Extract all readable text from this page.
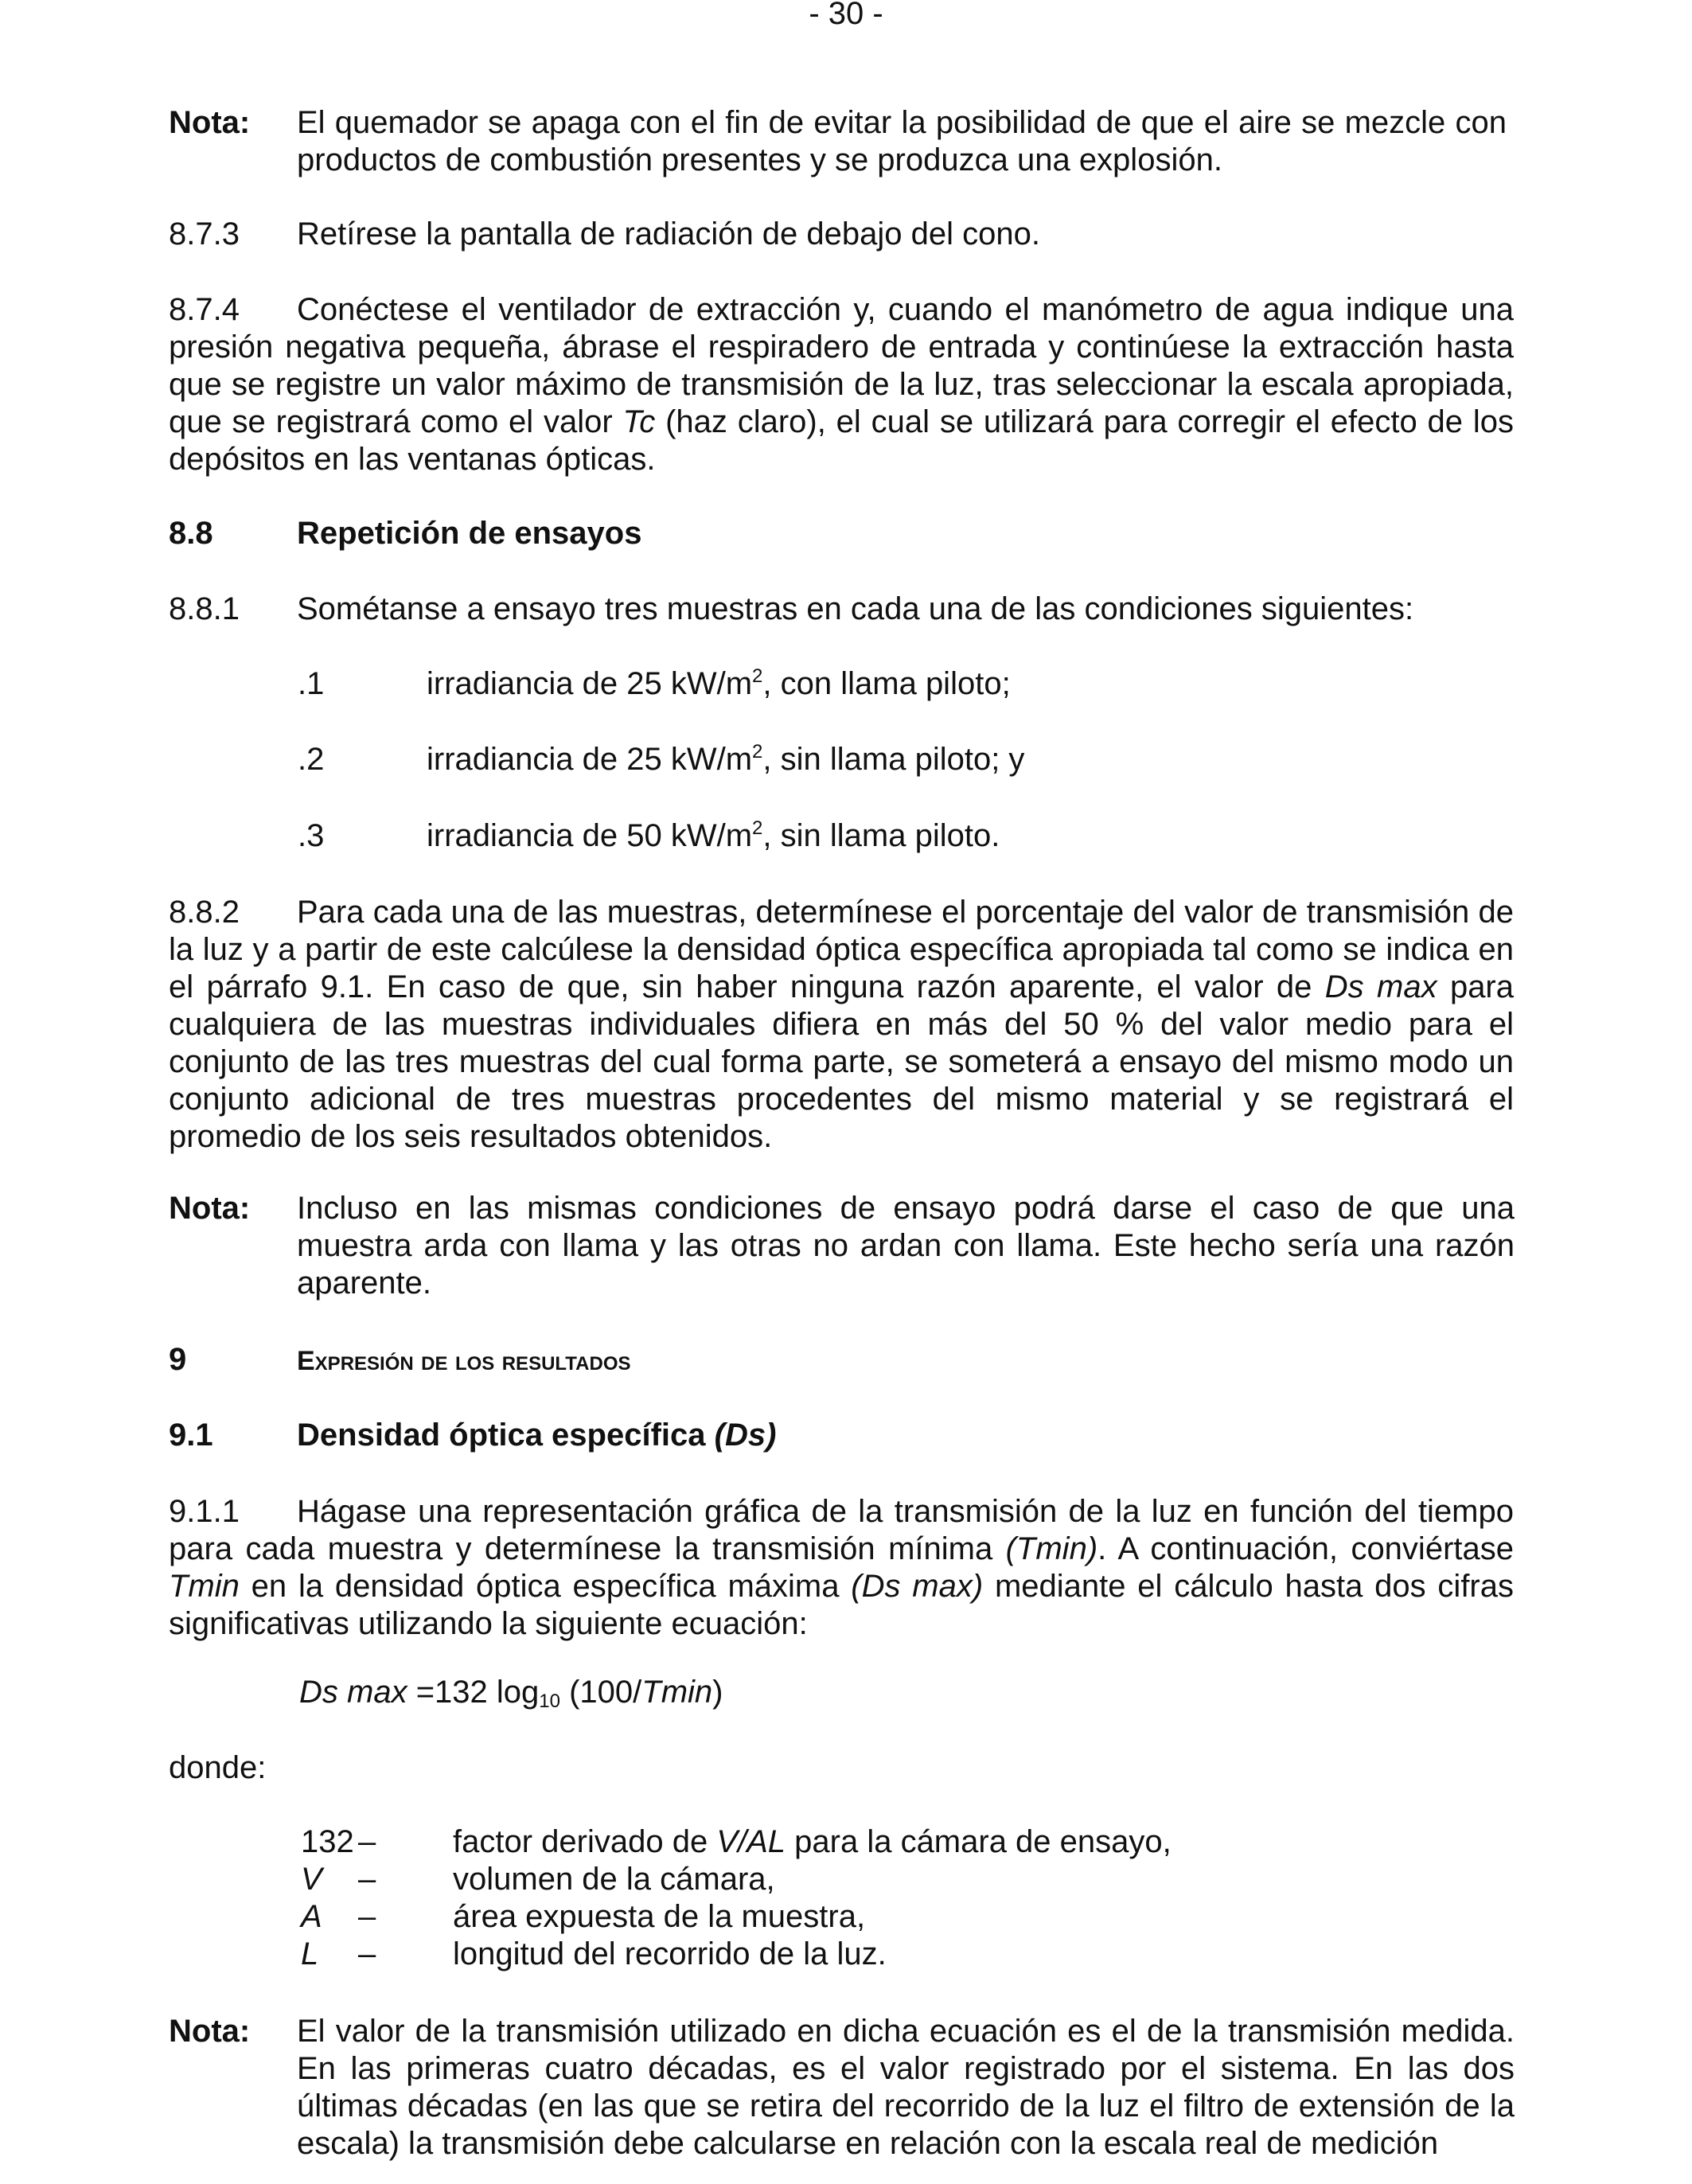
- 30 -
Nota: El quemador se apaga con el fin de evitar la posibilidad de que el aire se mezcle con productos de combustión presentes y se produzca una explosión.
8.7.3 Retírese la pantalla de radiación de debajo del cono.
8.7.4 Conéctese el ventilador de extracción y, cuando el manómetro de agua indique una presión negativa pequeña, ábrase el respiradero de entrada y continúese la extracción hasta que se registre un valor máximo de transmisión de la luz, tras seleccionar la escala apropiada, que se registrará como el valor Tc (haz claro), el cual se utilizará para corregir el efecto de los depósitos en las ventanas ópticas.
8.8	Repetición de ensayos
8.8.1 Sométanse a ensayo tres muestras en cada una de las condiciones siguientes:
.1	irradiancia de 25 $kW/m^2$, con llama piloto;
.2	irradiancia de 25 $kW/m^2$, sin llama piloto; y
.3	irradiancia de 50 $kW/m^2$, sin llama piloto.
8.8.2 Para cada una de las muestras, determínese el porcentaje del valor de transmisión de la luz y a partir de este calcúlese la densidad óptica específica apropiada tal como se indica en el párrafo 9.1. En caso de que, sin haber ninguna razón aparente, el valor de Ds max para cualquiera de las muestras individuales difiera en más del 50 % del valor medio para el conjunto de las tres muestras del cual forma parte, se someterá a ensayo del mismo modo un conjunto adicional de tres muestras procedentes del mismo material y se registrará el promedio de los seis resultados obtenidos.
Nota: Incluso en las mismas condiciones de ensayo podrá darse el caso de que una muestra arda con llama y las otras no ardan con llama. Este hecho sería una razón aparente.
9	Expresión de los resultados
9.1	Densidad óptica específica (Ds)
9.1.1 Hágase una representación gráfica de la transmisión de la luz en función del tiempo para cada muestra y determínese la transmisión mínima (Tmin). A continuación, conviértase Tmin en la densidad óptica específica máxima (Ds max) mediante el cálculo hasta dos cifras significativas utilizando la siguiente ecuación:
Ds max =132 $\log_{10} (100/Tmin)$
donde:
132 – factor derivado de V/AL para la cámara de ensayo,
V – volumen de la cámara,
A – área expuesta de la muestra,
L – longitud del recorrido de la luz.
Nota: El valor de la transmisión utilizado en dicha ecuación es el de la transmisión medida. En las primeras cuatro décadas, es el valor registrado por el sistema. En las dos últimas décadas (en las que se retira del recorrido de la luz el filtro de extensión de la escala) la transmisión debe calcularse en relación con la escala real de medición
